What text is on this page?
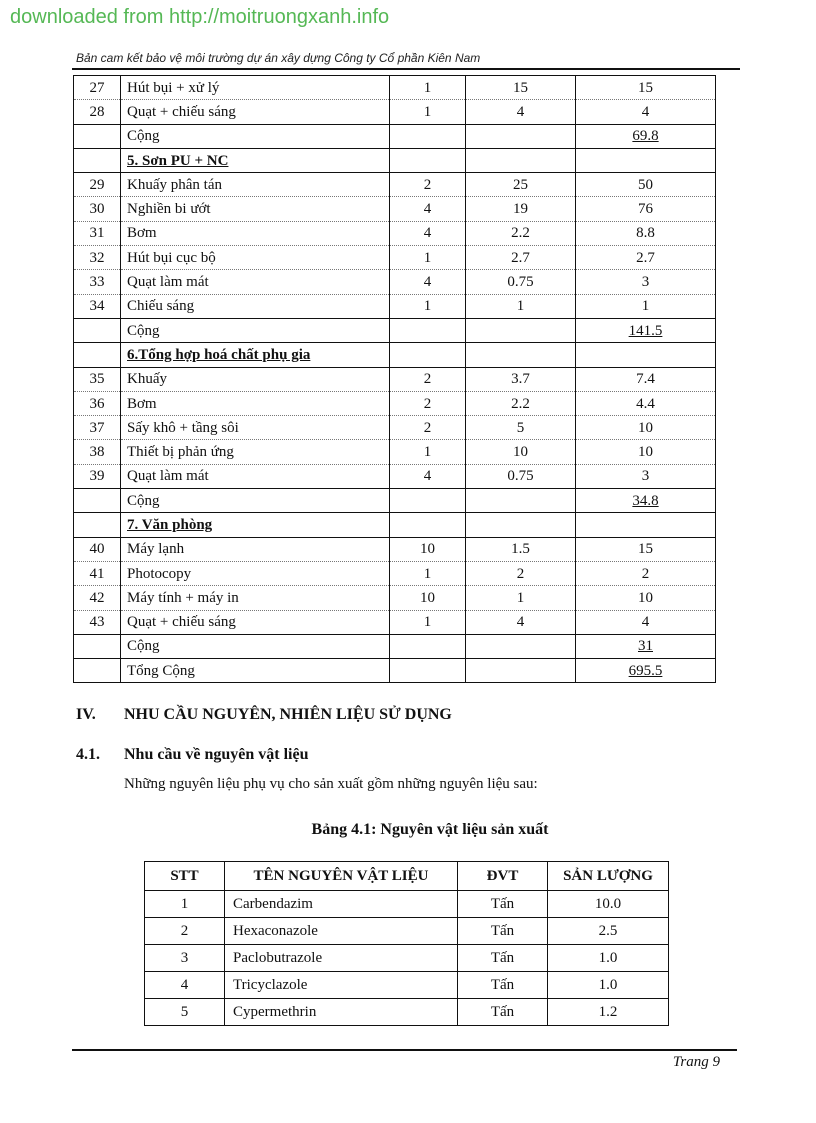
downloaded from http://moitruongxanh.info
Bản cam kết bảo vệ môi trường dự án xây dựng Công ty Cổ phần Kiên Nam
27	Hút bụi + xử lý	1	15	15
28	Quạt + chiếu sáng	1	4	4
	Cộng			69.8
	5. Sơn PU + NC			
29	Khuấy phân tán	2	25	50
30	Nghiền bi ướt	4	19	76
31	Bơm	4	2.2	8.8
32	Hút bụi cục bộ	1	2.7	2.7
33	Quạt làm mát	4	0.75	3
34	Chiếu sáng	1	1	1
	Cộng			141.5
	6.Tổng hợp hoá chất phụ gia			
35	Khuấy	2	3.7	7.4
36	Bơm	2	2.2	4.4
37	Sấy khô + tầng sôi	2	5	10
38	Thiết bị phản ứng	1	10	10
39	Quạt làm mát	4	0.75	3
	Cộng			34.8
	7. Văn phòng			
40	Máy lạnh	10	1.5	15
41	Photocopy	1	2	2
42	Máy tính + máy in	10	1	10
43	Quạt + chiếu sáng	1	4	4
	Cộng			31
	Tổng Cộng			695.5
IV. NHU CẦU NGUYÊN, NHIÊN LIỆU SỬ DỤNG
4.1. Nhu cầu về nguyên vật liệu
Những nguyên liệu phụ vụ cho sản xuất gồm những nguyên liệu sau:
Bảng 4.1: Nguyên vật liệu sản xuất
STT	TÊN NGUYÊN VẬT LIỆU	ĐVT	SẢN LƯỢNG
1	Carbendazim	Tấn	10.0
2	Hexaconazole	Tấn	2.5
3	Paclobutrazole	Tấn	1.0
4	Tricyclazole	Tấn	1.0
5	Cypermethrin	Tấn	1.2
Trang 9
